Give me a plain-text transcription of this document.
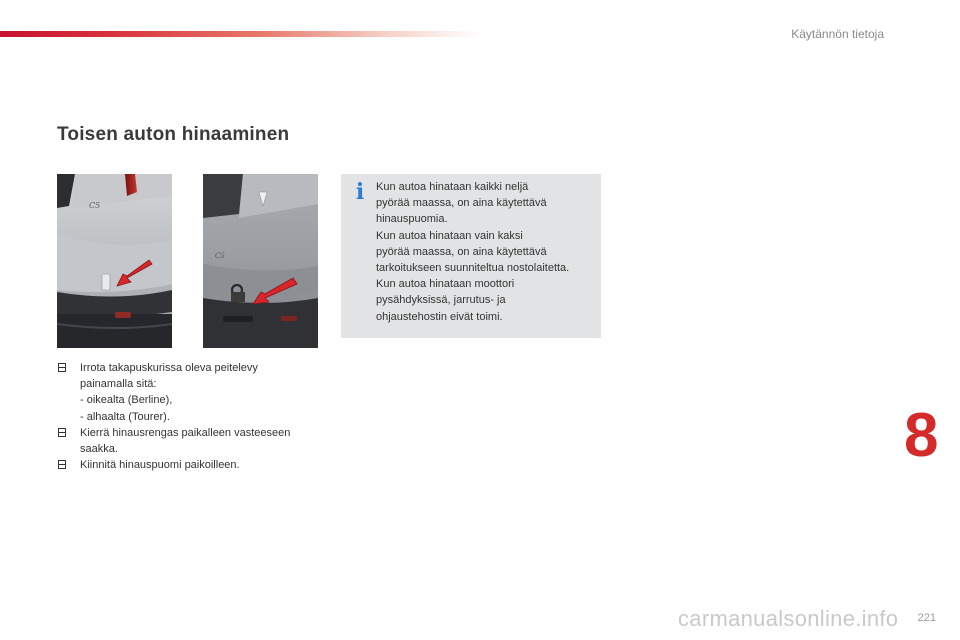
Käytännön tietoja
Toisen auton hinaaminen
C5
C5
i Kun autoa hinataan kaikki neljä

pyörää maassa, on aina käytettävä

hinauspuomia.

Kun autoa hinataan vain kaksi

pyörää maassa, on aina käytettävä

tarkoitukseen suunniteltua nostolaitetta.

Kun autoa hinataan moottori

pysähdyksissä, jarrutus- ja

ohjaustehostin eivät toimi.

Irrota takapuskurissa oleva peitelevy
painamalla sitä:
- oikealta (Berline),
- alhaalta (Tourer).
Kierrä hinausrengas paikalleen vasteeseen
saakka.
Kiinnitä hinauspuomi paikoilleen.	8
carmanualsonline.info 221
